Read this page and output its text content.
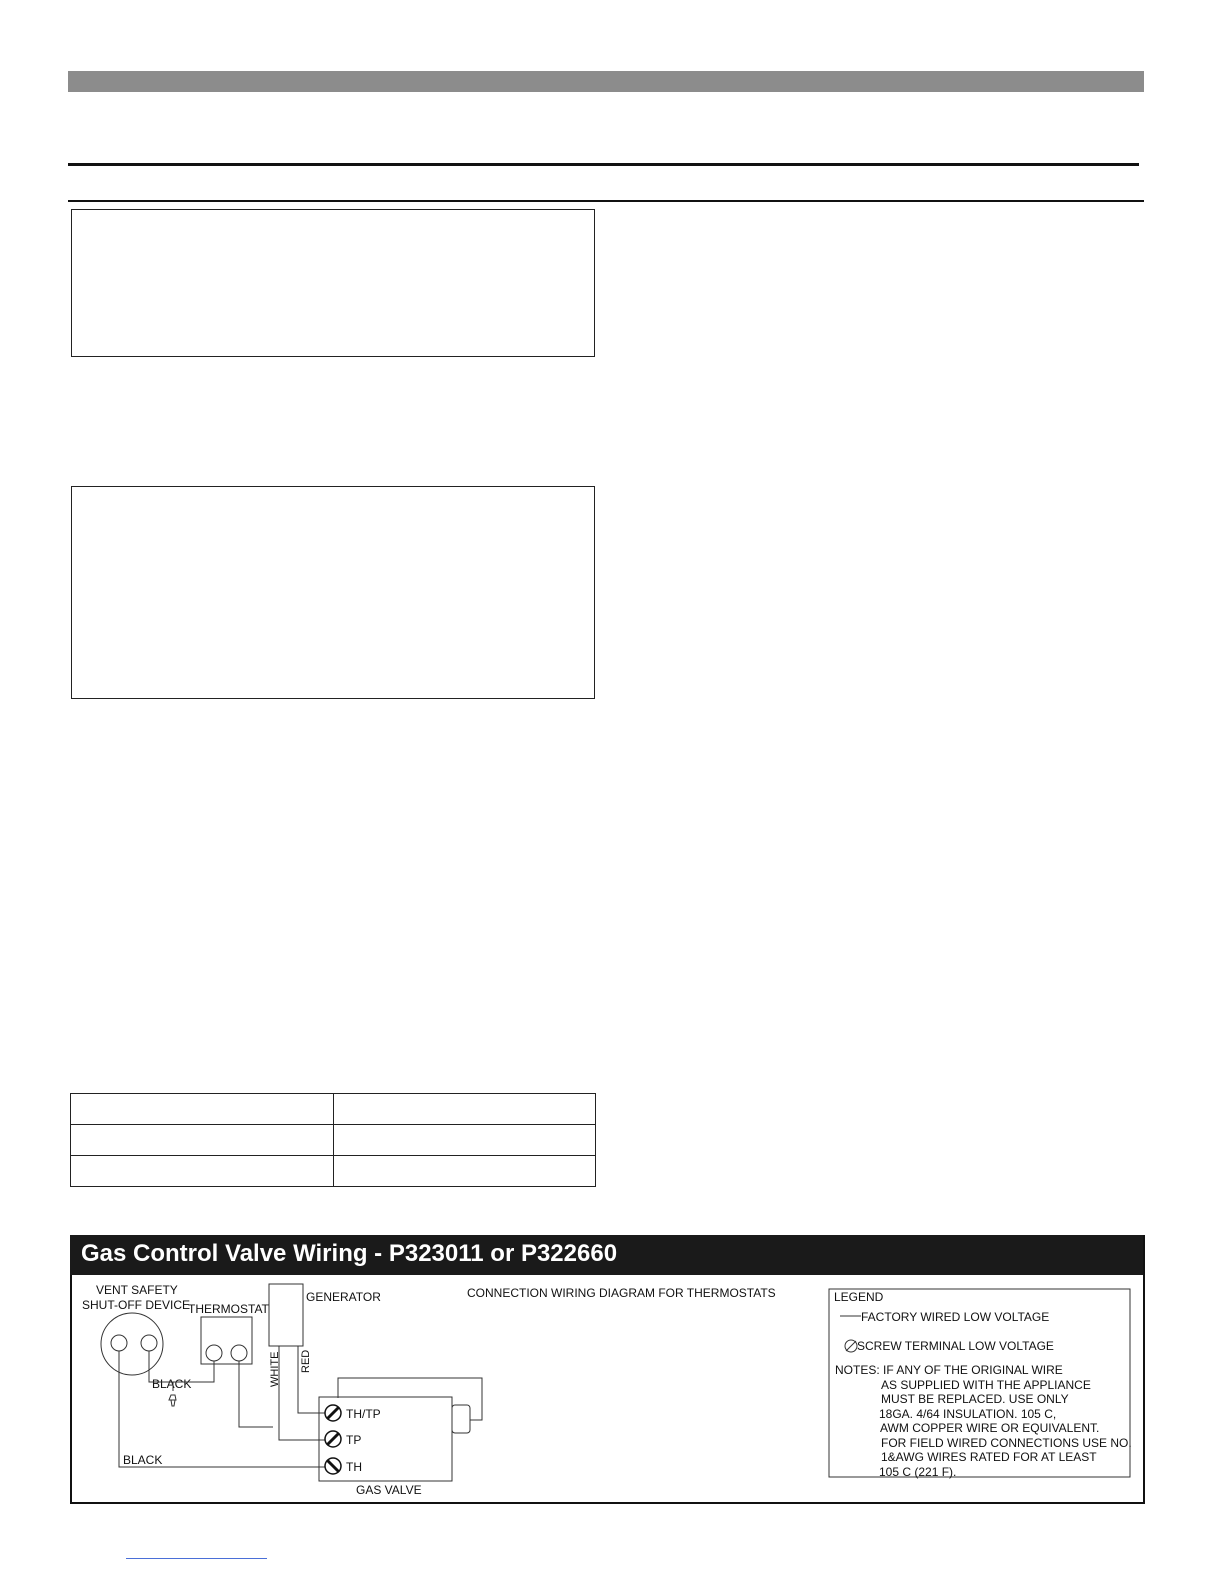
Gas Control Valve Wiring - P323011 or P322660
VENT SAFETY
SHUT-OFF DEVICE
THERMOSTAT
GENERATOR
WHITE RED
BLACK
BLACK
GAS VALVE
TH/TP
TP
TH
CONNECTION WIRING DIAGRAM FOR THERMOSTATS	LEGEND
FACTORY WIRED LOW VOLTAGE
SCREW TERMINAL LOW VOLTAGE
NOTES: IF ANY OF THE ORIGINAL WIRE
AS SUPPLIED WITH THE APPLIANCE
MUST BE REPLACED. USE ONLY
18GA. 4/64 INSULATION. 105 C,
AWM COPPER WIRE OR EQUIVALENT.
FOR FIELD WIRED CONNECTIONS USE NO.
1&AWG WIRES RATED FOR AT LEAST
105 C (221 F).
